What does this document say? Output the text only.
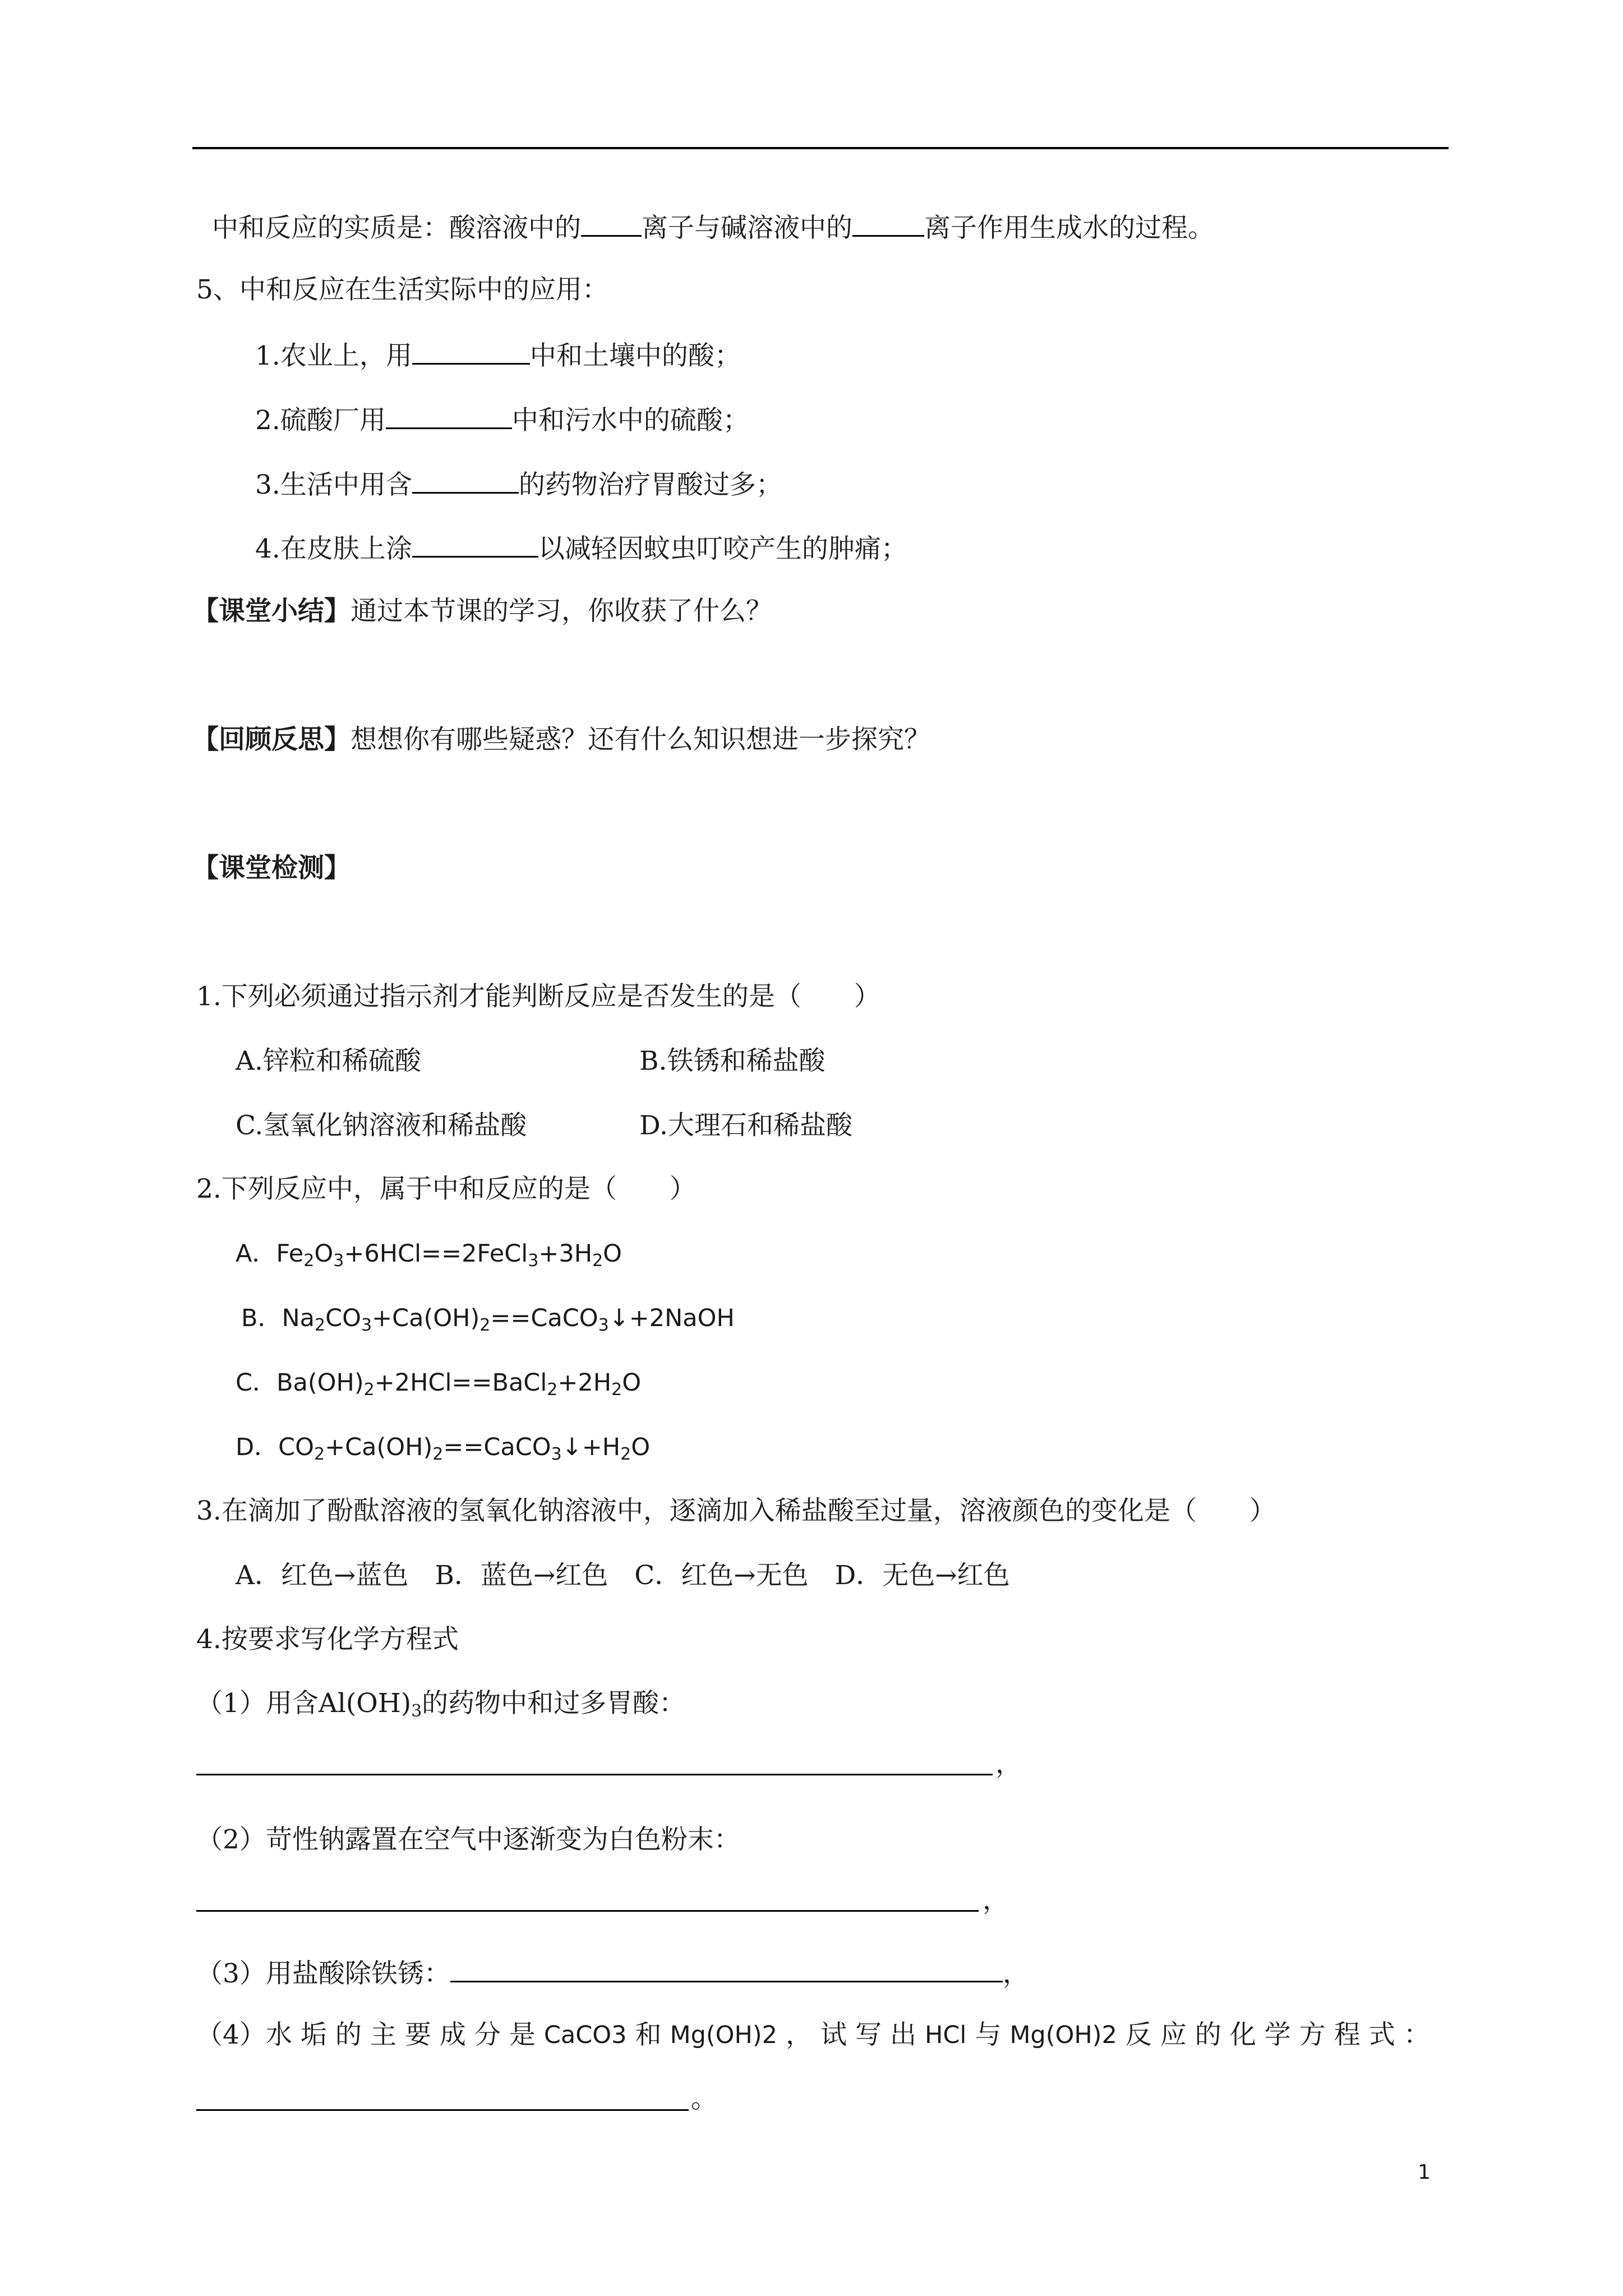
中和反应的实质是：酸溶液中的 离子与碱溶液中的	离子作用生成水的过程。
5、中和反应在生活实际中的应用：
1.农业上，用	中和土壤中的酸；
2.硫酸厂用	中和污水中的硫酸；
3.生活中用含	的药物治疗胃酸过多；
4.在皮肤上涂	以减轻因蚊虫叮咬产生的肿痛；
【课堂小结】通过本节课的学习，你收获了什么？
【回顾反思】想想你有哪些疑惑？还有什么知识想进一步探究？
【课堂检测】
1.下列必须通过指示剂才能判断反应是否发生的是（　　）
A.锌粒和稀硫酸	B.铁锈和稀盐酸
C.氢氧化钠溶液和稀盐酸	D.大理石和稀盐酸
2.下列反应中，属于中和反应的是（　　）
A．$Fe_2O_3+6HCl==2FeCl_3+3H_2O$
B．$Na_2CO_3+Ca(OH)_2==CaCO_3↓+2NaOH$
C．$Ba(OH)_2+2HCl==BaCl_2+2H_2O$
D．$CO_2+Ca(OH)_2==CaCO_3↓+H_2O$
3.在滴加了酚酞溶液的氢氧化钠溶液中，逐滴加入稀盐酸至过量，溶液颜色的变化是（　　）
A．红色→蓝色　B．蓝色→红色　C．红色→无色　D．无色→红色
4.按要求写化学方程式
（1）用含$Al(OH)_3$的药物中和过多胃酸：
，
（2）苛性钠露置在空气中逐渐变为白色粉末：
，
（3）用盐酸除铁锈：	，
（4）水 垢 的 主 要 成 分 是 CaCO3 和 Mg(OH)2 ， 试 写 出 HCl 与 Mg(OH)2 反 应 的 化 学 方 程 式 ：
。
1
